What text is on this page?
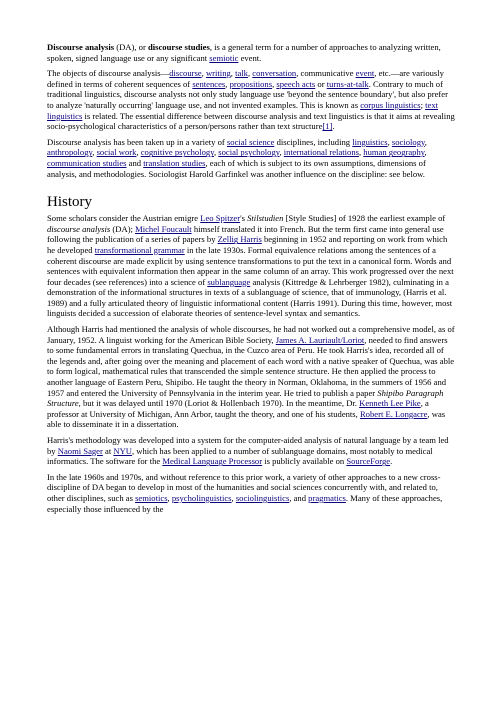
Discourse analysis (DA), or discourse studies, is a general term for a number of approaches to analyzing written, spoken, signed language use or any significant semiotic event.

The objects of discourse analysis—discourse, writing, talk, conversation, communicative event, etc.—are variously defined in terms of coherent sequences of sentences, propositions, speech acts or turns-at-talk. Contrary to much of traditional linguistics, discourse analysts not only study language use 'beyond the sentence boundary', but also prefer to analyze 'naturally occurring' language use, and not invented examples. This is known as corpus linguistics; text linguistics is related. The essential difference between discourse analysis and text linguistics is that it aims at revealing socio-psychological characteristics of a person/persons rather than text structure[1].

Discourse analysis has been taken up in a variety of social science disciplines, including linguistics, sociology, anthropology, social work, cognitive psychology, social psychology, international relations, human geography, communication studies and translation studies, each of which is subject to its own assumptions, dimensions of analysis, and methodologies. Sociologist Harold Garfinkel was another influence on the discipline: see below.

History

Some scholars consider the Austrian emigre Leo Spitzer's Stilstudien [Style Studies] of 1928 the earliest example of discourse analysis (DA); Michel Foucault himself translated it into French. But the term first came into general use following the publication of a series of papers by Zellig Harris beginning in 1952 and reporting on work from which he developed transformational grammar in the late 1930s. Formal equivalence relations among the sentences of a coherent discourse are made explicit by using sentence transformations to put the text in a canonical form. Words and sentences with equivalent information then appear in the same column of an array. This work progressed over the next four decades (see references) into a science of sublanguage analysis (Kittredge & Lehrberger 1982), culminating in a demonstration of the informational structures in texts of a sublanguage of science, that of immunology, (Harris et al. 1989) and a fully articulated theory of linguistic informational content (Harris 1991). During this time, however, most linguists decided a succession of elaborate theories of sentence-level syntax and semantics.

Although Harris had mentioned the analysis of whole discourses, he had not worked out a comprehensive model, as of January, 1952. A linguist working for the American Bible Society, James A. Lauriault/Loriot, needed to find answers to some fundamental errors in translating Quechua, in the Cuzco area of Peru. He took Harris's idea, recorded all of the legends and, after going over the meaning and placement of each word with a native speaker of Quechua, was able to form logical, mathematical rules that transcended the simple sentence structure. He then applied the process to another language of Eastern Peru, Shipibo. He taught the theory in Norman, Oklahoma, in the summers of 1956 and 1957 and entered the University of Pennsylvania in the interim year. He tried to publish a paper Shipibo Paragraph Structure, but it was delayed until 1970 (Loriot & Hollenbach 1970). In the meantime, Dr. Kenneth Lee Pike, a professor at University of Michigan, Ann Arbor, taught the theory, and one of his students, Robert E. Longacre, was able to disseminate it in a dissertation.

Harris's methodology was developed into a system for the computer-aided analysis of natural language by a team led by Naomi Sager at NYU, which has been applied to a number of sublanguage domains, most notably to medical informatics. The software for the Medical Language Processor is publicly available on SourceForge.

In the late 1960s and 1970s, and without reference to this prior work, a variety of other approaches to a new cross-discipline of DA began to develop in most of the humanities and social sciences concurrently with, and related to, other disciplines, such as semiotics, psycholinguistics, sociolinguistics, and pragmatics. Many of these approaches, especially those influenced by the
